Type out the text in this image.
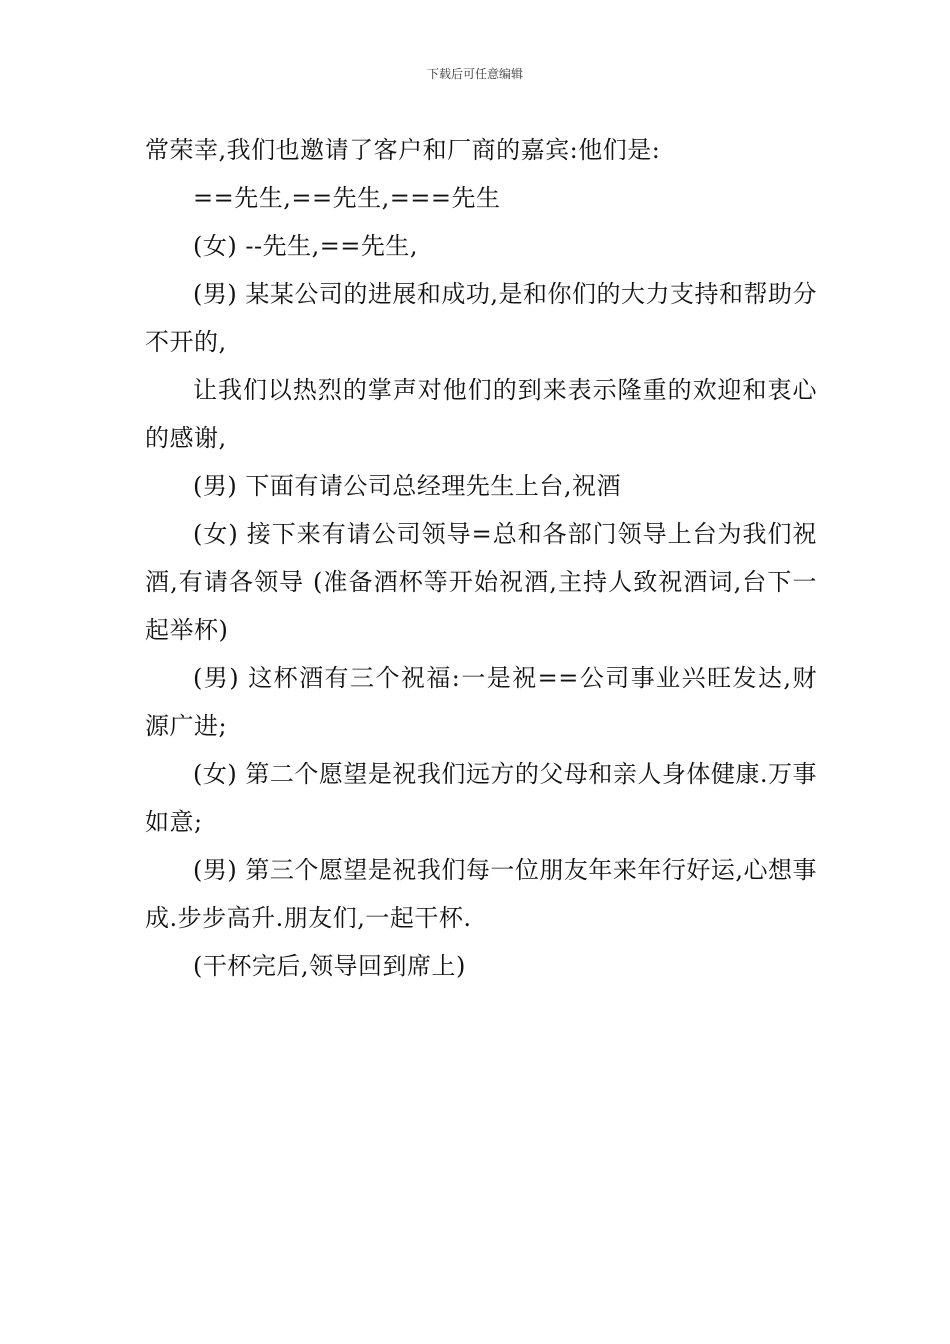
下载后可任意编辑

常荣幸,我们也邀请了客户和厂商的嘉宾:他们是:

==先生,==先生,===先生

(女) --先生,==先生,

(男) 某某公司的进展和成功,是和你们的大力支持和帮助分不开的,

让我们以热烈的掌声对他们的到来表示隆重的欢迎和衷心的感谢,

(男) 下面有请公司总经理先生上台,祝酒

(女) 接下来有请公司领导=总和各部门领导上台为我们祝酒,有请各领导 (准备酒杯等开始祝酒,主持人致祝酒词,台下一起举杯)

(男) 这杯酒有三个祝福:一是祝==公司事业兴旺发达,财源广进;

(女) 第二个愿望是祝我们远方的父母和亲人身体健康.万事如意;

(男) 第三个愿望是祝我们每一位朋友年来年行好运,心想事成.步步高升.朋友们,一起干杯.

(干杯完后,领导回到席上)
